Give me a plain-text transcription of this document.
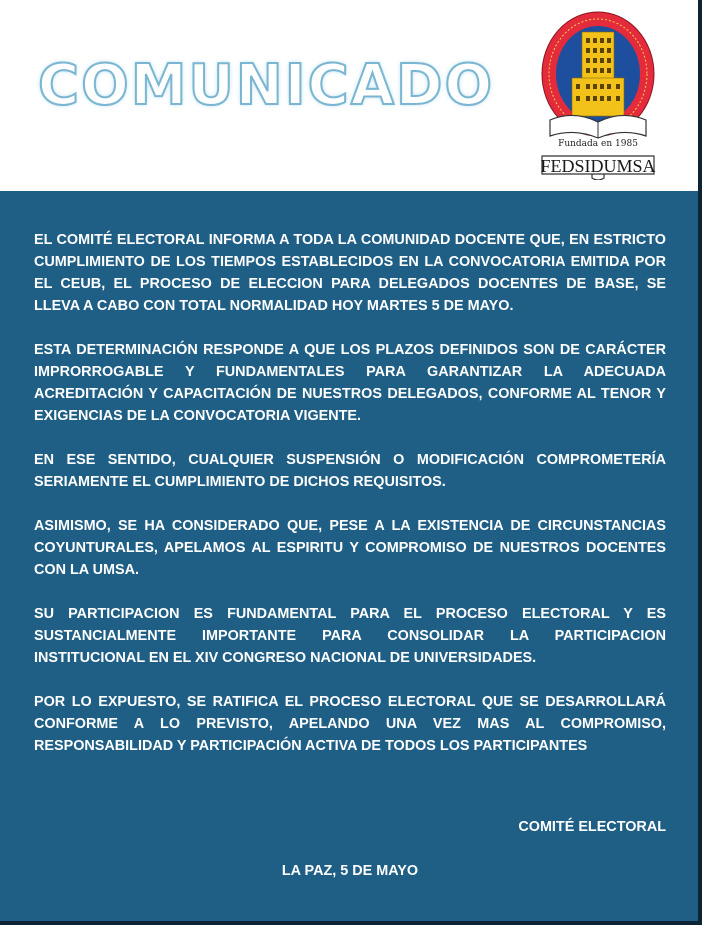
COMUNICADO
Fundada en 1985
FEDSIDUMSA

EL COMITÉ ELECTORAL INFORMA A TODA LA COMUNIDAD DOCENTE QUE, EN ESTRICTO CUMPLIMIENTO DE LOS TIEMPOS ESTABLECIDOS EN LA CONVOCATORIA EMITIDA POR EL CEUB, EL PROCESO DE ELECCION PARA DELEGADOS DOCENTES DE BASE, SE LLEVA A CABO CON TOTAL NORMALIDAD HOY MARTES 5 DE MAYO.

ESTA DETERMINACIÓN RESPONDE A QUE LOS PLAZOS DEFINIDOS SON DE CARÁCTER IMPRORROGABLE Y FUNDAMENTALES PARA GARANTIZAR LA ADECUADA ACREDITACIÓN Y CAPACITACIÓN DE NUESTROS DELEGADOS, CONFORME AL TENOR Y EXIGENCIAS DE LA CONVOCATORIA VIGENTE.

EN ESE SENTIDO, CUALQUIER SUSPENSIÓN O MODIFICACIÓN COMPROMETERÍA SERIAMENTE EL CUMPLIMIENTO DE DICHOS REQUISITOS.

ASIMISMO, SE HA CONSIDERADO QUE, PESE A LA EXISTENCIA DE CIRCUNSTANCIAS COYUNTURALES, APELAMOS AL ESPIRITU Y COMPROMISO DE NUESTROS DOCENTES CON LA UMSA.

SU PARTICIPACION ES FUNDAMENTAL PARA EL PROCESO ELECTORAL Y ES SUSTANCIALMENTE IMPORTANTE PARA CONSOLIDAR LA PARTICIPACION INSTITUCIONAL EN EL XIV CONGRESO NACIONAL DE UNIVERSIDADES.

POR LO EXPUESTO, SE RATIFICA EL PROCESO ELECTORAL QUE SE DESARROLLARÁ CONFORME A LO PREVISTO, APELANDO UNA VEZ MAS AL COMPROMISO, RESPONSABILIDAD Y PARTICIPACIÓN ACTIVA DE TODOS LOS PARTICIPANTES

COMITÉ ELECTORAL
LA PAZ, 5 DE MAYO
